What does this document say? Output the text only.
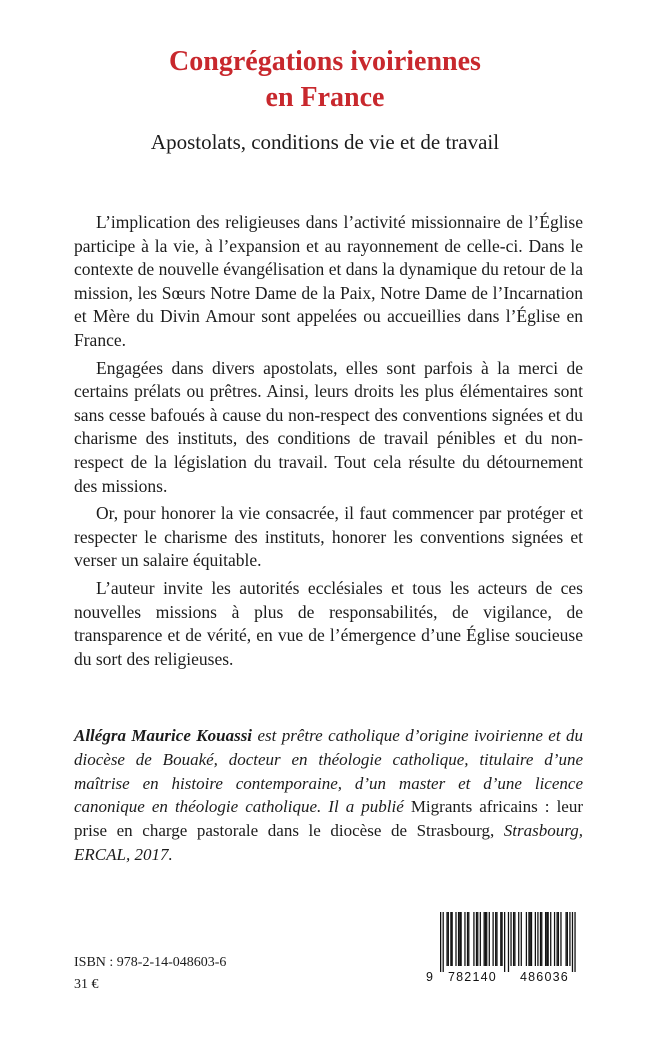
Congrégations ivoiriennes
en France
Apostolats, conditions de vie et de travail

L’implication des religieuses dans l’activité missionnaire de l’Église participe à la vie, à l’expansion et au rayonnement de celle-ci. Dans le contexte de nouvelle évangélisation et dans la dynamique du retour de la mission, les Sœurs Notre Dame de la Paix, Notre Dame de l’Incarnation et Mère du Divin Amour sont appelées ou accueillies dans l’Église en France.

Engagées dans divers apostolats, elles sont parfois à la merci de certains prélats ou prêtres. Ainsi, leurs droits les plus élémentaires sont sans cesse bafoués à cause du non-respect des conventions signées et du charisme des instituts, des conditions de travail pénibles et du non-respect de la législation du travail. Tout cela résulte du détournement des missions.

Or, pour honorer la vie consacrée, il faut commencer par protéger et respecter le charisme des instituts, honorer les conventions signées et verser un salaire équitable.

L’auteur invite les autorités ecclésiales et tous les acteurs de ces nouvelles missions à plus de responsabilités, de vigilance, de transparence et de vérité, en vue de l’émergence d’une Église soucieuse du sort des religieuses.

Allégra Maurice Kouassi est prêtre catholique d’origine ivoirienne et du diocèse de Bouaké, docteur en théologie catholique, titulaire d’une maîtrise en histoire contemporaine, d’un master et d’une licence canonique en théologie catholique. Il a publié Migrants africains : leur prise en charge pastorale dans le diocèse de Strasbourg, Strasbourg, ERCAL, 2017.

ISBN : 978-2-14-048603-6
31 €	9 782140 486036
